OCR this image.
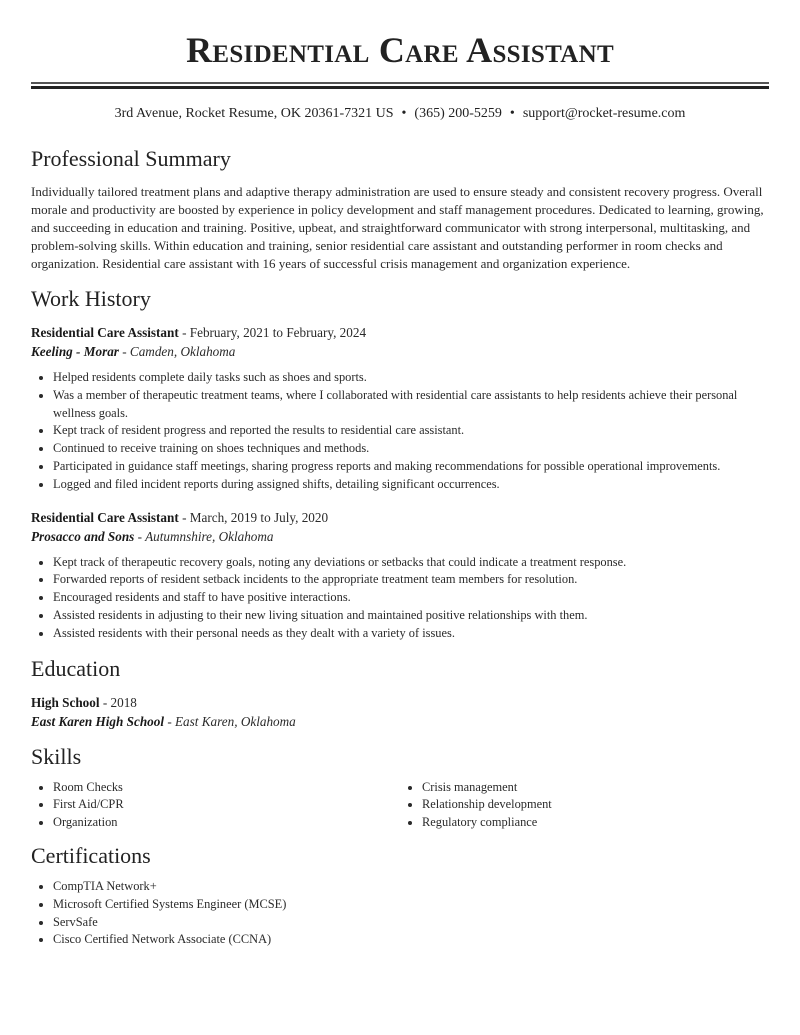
Residential Care Assistant
3rd Avenue, Rocket Resume, OK 20361-7321 US • (365) 200-5259 • support@rocket-resume.com
Professional Summary

Individually tailored treatment plans and adaptive therapy administration are used to ensure steady and consistent recovery progress. Overall morale and productivity are boosted by experience in policy development and staff management procedures. Dedicated to learning, growing, and succeeding in education and training. Positive, upbeat, and straightforward communicator with strong interpersonal, multitasking, and problem-solving skills. Within education and training, senior residential care assistant and outstanding performer in room checks and organization. Residential care assistant with 16 years of successful crisis management and organization experience.

Work History
Residential Care Assistant - February, 2021 to February, 2024
Keeling - Morar - Camden, Oklahoma
• Helped residents complete daily tasks such as shoes and sports.
• Was a member of therapeutic treatment teams, where I collaborated with residential care assistants to help residents achieve their personal wellness goals.
• Kept track of resident progress and reported the results to residential care assistant.
• Continued to receive training on shoes techniques and methods.
• Participated in guidance staff meetings, sharing progress reports and making recommendations for possible operational improvements.
• Logged and filed incident reports during assigned shifts, detailing significant occurrences.
Residential Care Assistant - March, 2019 to July, 2020
Prosacco and Sons - Autumnshire, Oklahoma
• Kept track of therapeutic recovery goals, noting any deviations or setbacks that could indicate a treatment response.
• Forwarded reports of resident setback incidents to the appropriate treatment team members for resolution.
• Encouraged residents and staff to have positive interactions.
• Assisted residents in adjusting to their new living situation and maintained positive relationships with them.
• Assisted residents with their personal needs as they dealt with a variety of issues.
Education
High School - 2018
East Karen High School - East Karen, Oklahoma
Skills
• Room Checks
• First Aid/CPR
• Organization
• Crisis management
• Relationship development
• Regulatory compliance
Certifications
• CompTIA Network+
• Microsoft Certified Systems Engineer (MCSE)
• ServSafe
• Cisco Certified Network Associate (CCNA)
